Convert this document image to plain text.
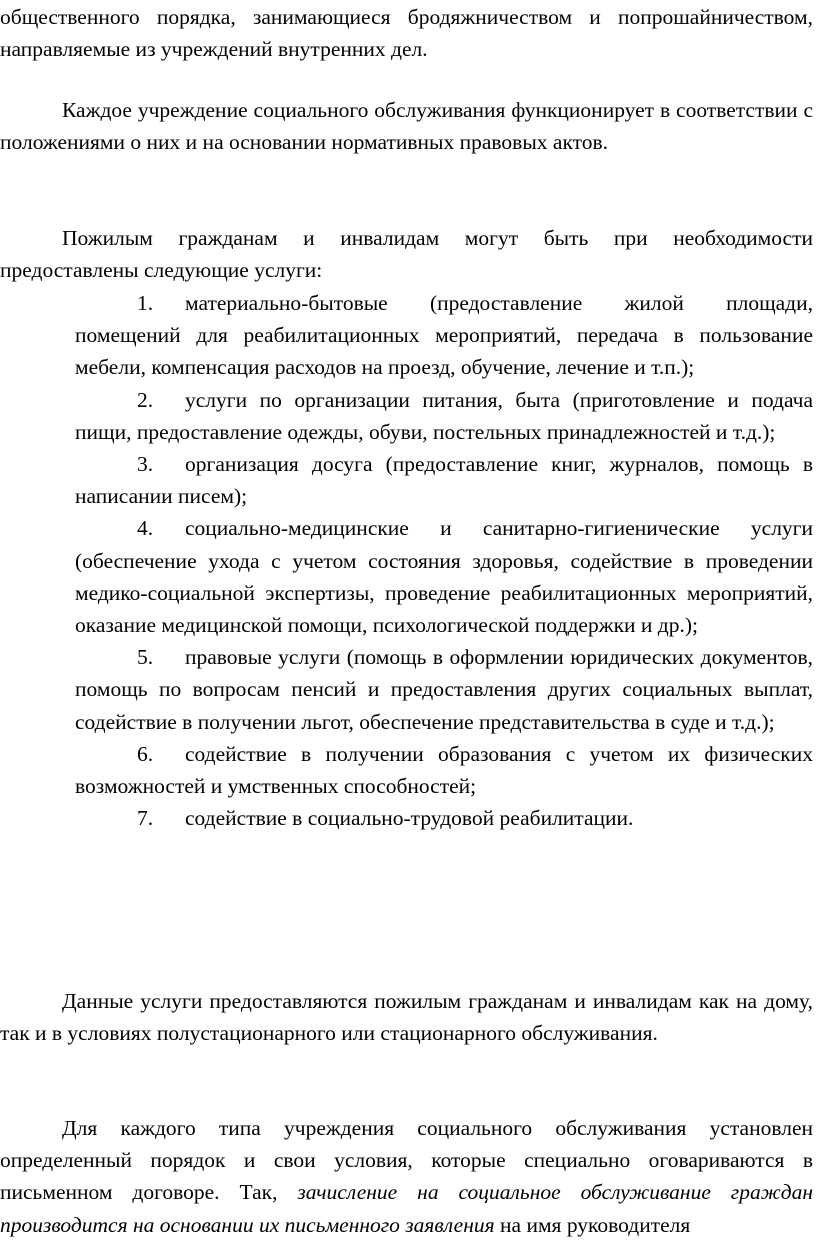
общественного порядка, занимающиеся бродяжничеством и попрошайничеством, направляемые из учреждений внутренних дел.

Каждое учреждение социального обслуживания функционирует в соответствии с положениями о них и на основании нормативных правовых актов.

Пожилым гражданам и инвалидам могут быть при необходимости предоставлены следующие услуги:

1. материально-бытовые (предоставление жилой площади, помещений для реабилитационных мероприятий, передача в пользование мебели, компенсация расходов на проезд, обучение, лечение и т.п.);
2. услуги по организации питания, быта (приготовление и подача пищи, предоставление одежды, обуви, постельных принадлежностей и т.д.);
3. организация досуга (предоставление книг, журналов, помощь в написании писем);
4. социально-медицинские и санитарно-гигиенические услуги (обеспечение ухода с учетом состояния здоровья, содействие в проведении медико-социальной экспертизы, проведение реабилитационных мероприятий, оказание медицинской помощи, психологической поддержки и др.);
5. правовые услуги (помощь в оформлении юридических документов, помощь по вопросам пенсий и предоставления других социальных выплат, содействие в получении льгот, обеспечение представительства в суде и т.д.);
6. содействие в получении образования с учетом их физических возможностей и умственных способностей;
7. содействие в социально-трудовой реабилитации.

Данные услуги предоставляются пожилым гражданам и инвалидам как на дому, так и в условиях полустационарного или стационарного обслуживания.

Для каждого типа учреждения социального обслуживания установлен определенный порядок и свои условия, которые специально оговариваются в письменном договоре. Так, зачисление на социальное обслуживание граждан производится на основании их письменного заявления на имя руководителя
